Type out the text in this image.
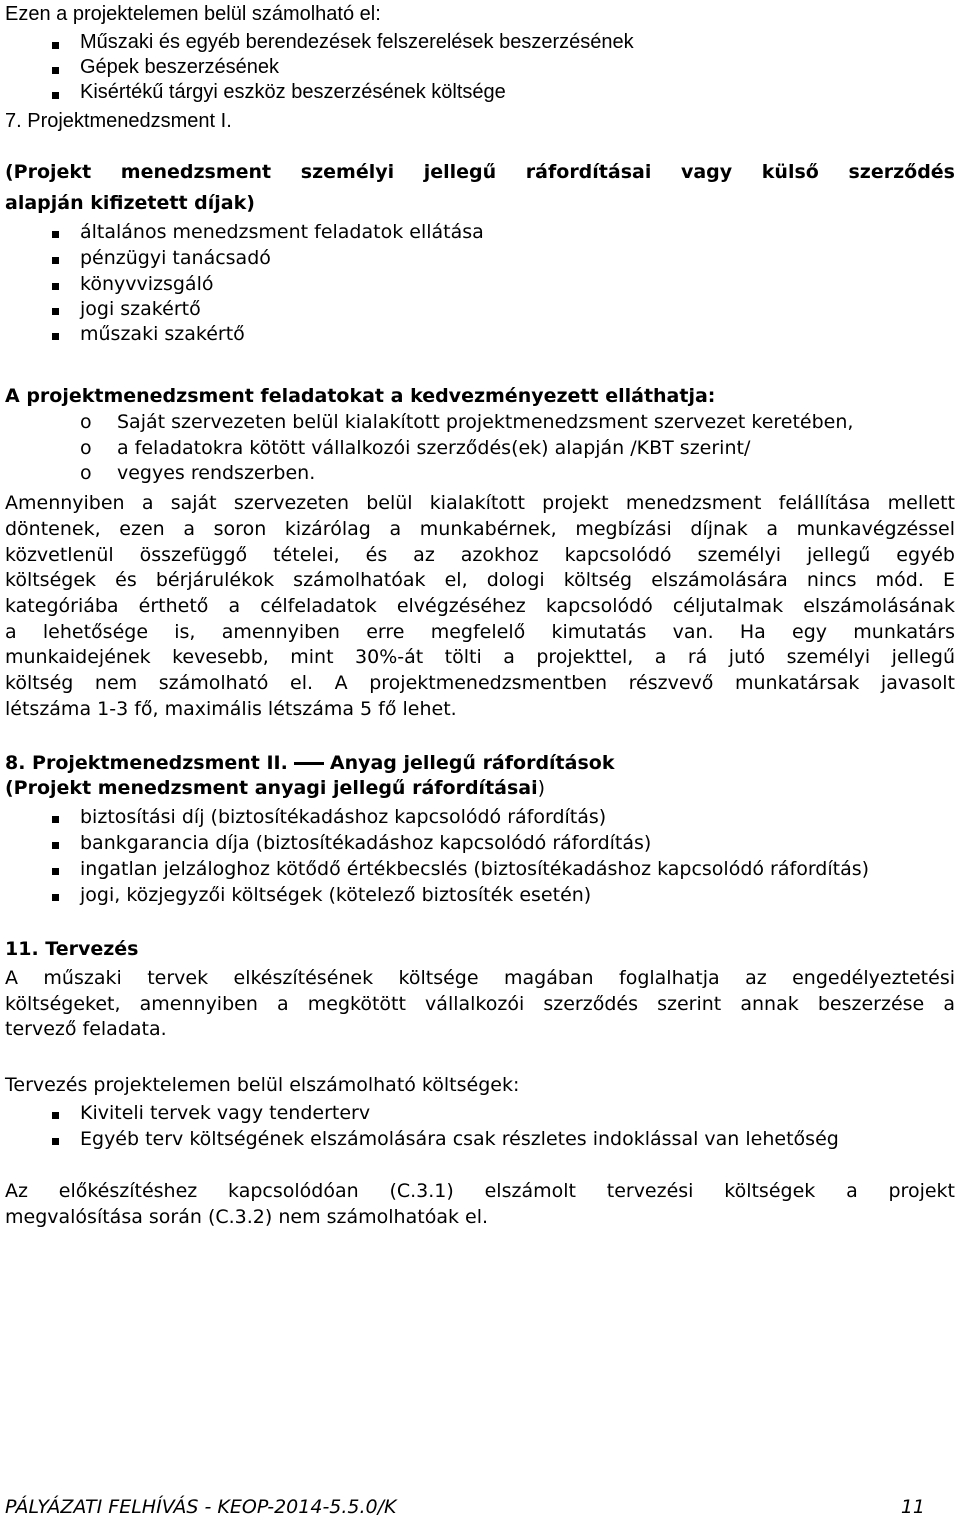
Ezen a projektelemen belül számolható el:
Műszaki és egyéb berendezések felszerelések beszerzésének
Gépek beszerzésének
Kisértékű tárgyi eszköz beszerzésének költsége
7. Projektmenedzsment I.
(Projekt menedzsment személyi jellegű ráfordításai vagy külső szerződés
alapján kifizetett díjak)
általános menedzsment feladatok ellátása
pénzügyi tanácsadó
könyvvizsgáló
jogi szakértő
műszaki szakértő
A projektmenedzsment feladatokat a kedvezményezett elláthatja:
o Saját szervezeten belül kialakított projektmenedzsment szervezet keretében,
o a feladatokra kötött vállalkozói szerződés(ek) alapján /KBT szerint/
o vegyes rendszerben.
Amennyiben a saját szervezeten belül kialakított projekt menedzsment felállítása mellett
döntenek, ezen a soron kizárólag a munkabérnek, megbízási díjnak a munkavégzéssel
közvetlenül összefüggő tételei, és az azokhoz kapcsolódó személyi jellegű egyéb
költségek és bérjárulékok számolhatóak el, dologi költség elszámolására nincs mód. E
kategóriába érthető a célfeladatok elvégzéséhez kapcsolódó céljutalmak elszámolásának
a lehetősége is, amennyiben erre megfelelő kimutatás van. Ha egy munkatárs
munkaidejének kevesebb, mint 30%-át tölti a projekttel, a rá jutó személyi jellegű
költség nem számolható el. A projektmenedzsmentben részvevő munkatársak javasolt
létszáma 1-3 fő, maximális létszáma 5 fő lehet.
8. Projektmenedzsment II. Anyag jellegű ráfordítások
(Projekt menedzsment anyagi jellegű ráfordításai)
biztosítási díj (biztosítékadáshoz kapcsolódó ráfordítás)
bankgarancia díja (biztosítékadáshoz kapcsolódó ráfordítás)
ingatlan jelzáloghoz kötődő értékbecslés (biztosítékadáshoz kapcsolódó ráfordítás)
jogi, közjegyzői költségek (kötelező biztosíték esetén)
11. Tervezés
A műszaki tervek elkészítésének költsége magában foglalhatja az engedélyeztetési
költségeket, amennyiben a megkötött vállalkozói szerződés szerint annak beszerzése a
tervező feladata.
Tervezés projektelemen belül elszámolható költségek:
Kiviteli tervek vagy tenderterv
Egyéb terv költségének elszámolására csak részletes indoklással van lehetőség
Az előkészítéshez kapcsolódóan (C.3.1) elszámolt tervezési költségek a projekt
megvalósítása során (C.3.2) nem számolhatóak el.
PÁLYÁZATI FELHÍVÁS - KEOP-2014-5.5.0/K	11
